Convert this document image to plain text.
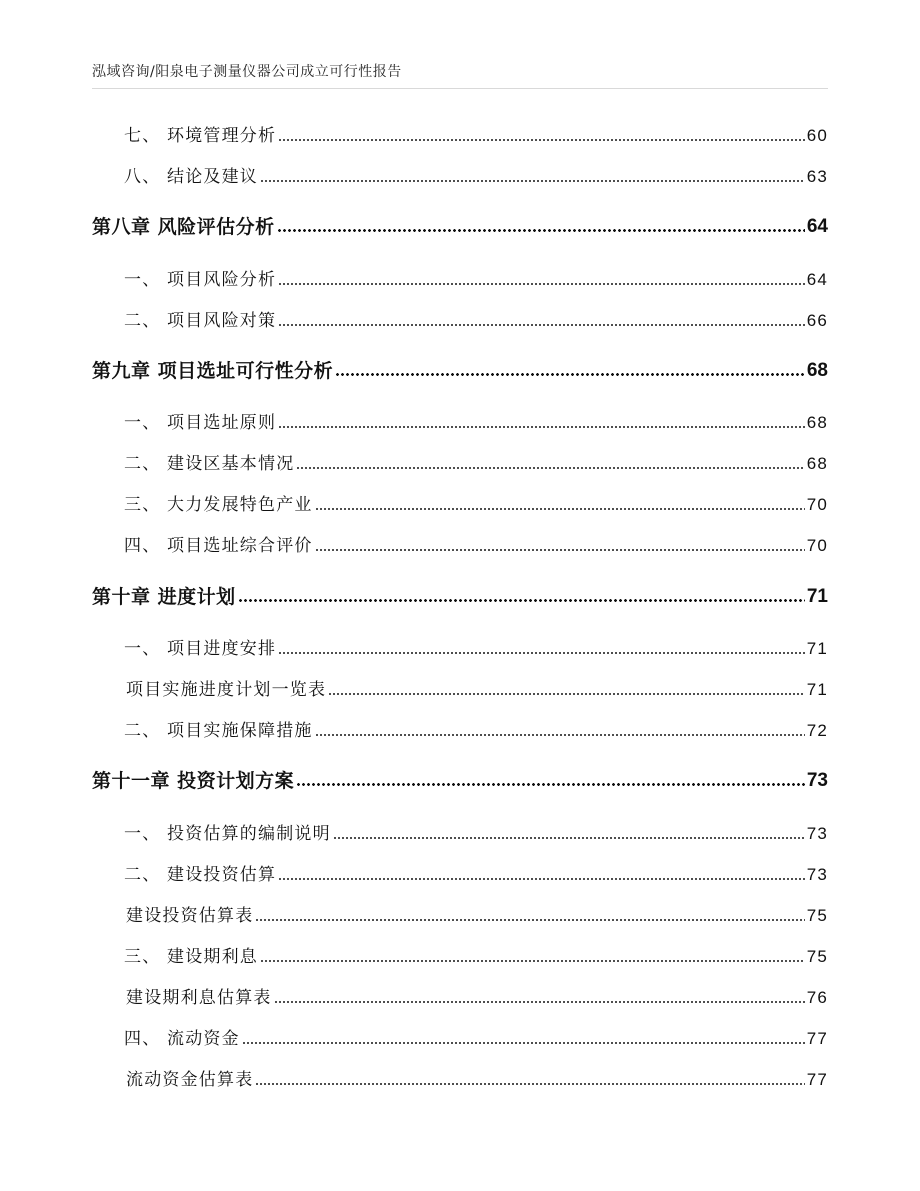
泓域咨询/阳泉电子测量仪器公司成立可行性报告
七、 环境管理分析	60
八、 结论及建议	63
第八章 风险评估分析	64
一、 项目风险分析	64
二、 项目风险对策	66
第九章 项目选址可行性分析	68
一、 项目选址原则	68
二、 建设区基本情况	68
三、 大力发展特色产业	70
四、 项目选址综合评价	70
第十章 进度计划	71
一、 项目进度安排	71
项目实施进度计划一览表	71
二、 项目实施保障措施	72
第十一章 投资计划方案	73
一、 投资估算的编制说明	73
二、 建设投资估算	73
建设投资估算表	75
三、 建设期利息	75
建设期利息估算表	76
四、 流动资金	77
流动资金估算表	77
